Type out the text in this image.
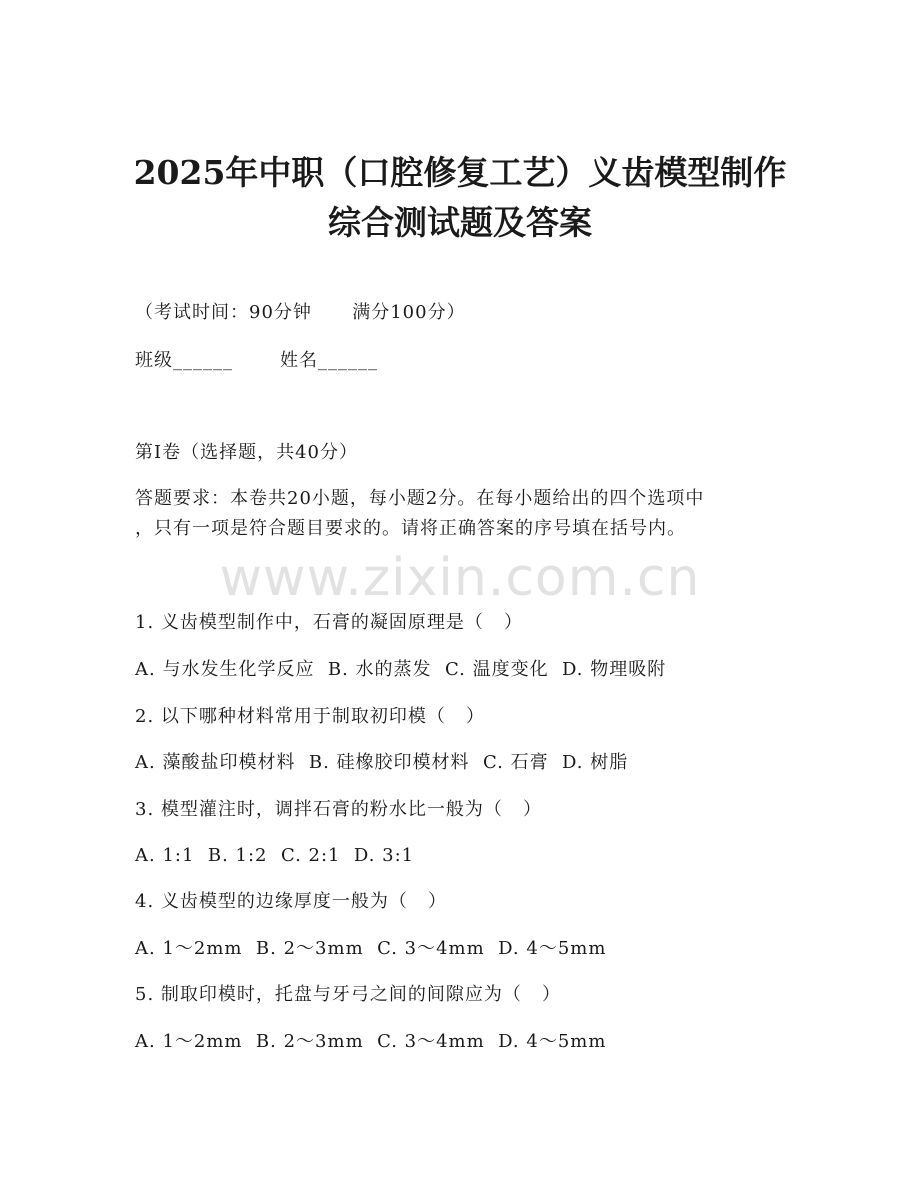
2025年中职（口腔修复工艺）义齿模型制作
综合测试题及答案

（考试时间：90分钟      满分100分）

班级______       姓名______

第I卷（选择题，共40分）

答题要求：本卷共20小题，每小题2分。在每小题给出的四个选项中

，只有一项是符合题目要求的。请将正确答案的序号填在括号内。

www.zixin.com.cn

1. 义齿模型制作中，石膏的凝固原理是（   ）

A. 与水发生化学反应  B. 水的蒸发  C. 温度变化  D. 物理吸附

2. 以下哪种材料常用于制取初印模（   ）

A. 藻酸盐印模材料  B. 硅橡胶印模材料  C. 石膏  D. 树脂

3. 模型灌注时，调拌石膏的粉水比一般为（   ）

A. 1:1  B. 1:2  C. 2:1  D. 3:1

4. 义齿模型的边缘厚度一般为（   ）

A. 1～2mm  B. 2～3mm  C. 3～4mm  D. 4～5mm

5. 制取印模时，托盘与牙弓之间的间隙应为（   ）

A. 1～2mm  B. 2～3mm  C. 3～4mm  D. 4～5mm
